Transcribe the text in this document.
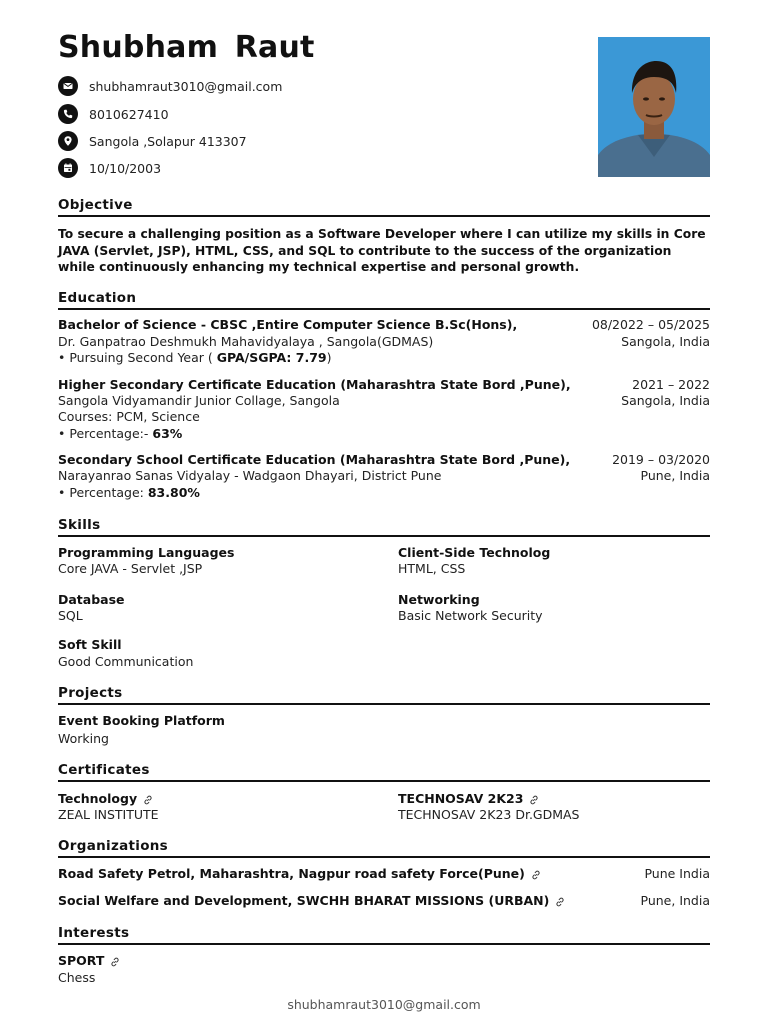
Shubham Raut
shubhamraut3010@gmail.com
8010627410
Sangola ,Solapur 413307
10/10/2003
Objective
To secure a challenging position as a Software Developer where I can utilize my skills in Core JAVA (Servlet, JSP), HTML, CSS, and SQL to contribute to the success of the organization while continuously enhancing my technical expertise and personal growth.
Education
Bachelor of Science - CBSC ,Entire Computer Science B.Sc(Hons),	08/2022 – 05/2025
Dr. Ganpatrao Deshmukh Mahavidyalaya , Sangola(GDMAS)	Sangola, India
• Pursuing Second Year ( GPA/SGPA: 7.79)
Higher Secondary Certificate Education (Maharashtra State Bord ,Pune),	2021 – 2022
Sangola Vidyamandir Junior Collage, Sangola	Sangola, India
Courses: PCM, Science
• Percentage:- 63%
Secondary School Certificate Education (Maharashtra State Bord ,Pune),	2019 – 03/2020
Narayanrao Sanas Vidyalay - Wadgaon Dhayari, District Pune	Pune, India
• Percentage: 83.80%
Skills
Programming Languages
Core JAVA - Servlet ,JSP
Client-Side Technolog
HTML, CSS
Database
SQL
Networking
Basic Network Security
Soft Skill
Good Communication
Projects
Event Booking Platform
Working
Certificates
Technology
ZEAL INSTITUTE
TECHNOSAV 2K23
TECHNOSAV 2K23 Dr.GDMAS
Organizations
Road Safety Petrol, Maharashtra, Nagpur road safety Force(Pune)	Pune India
Social Welfare and Development, SWCHH BHARAT MISSIONS (URBAN)	Pune, India
Interests
SPORT
Chess
shubhamraut3010@gmail.com
